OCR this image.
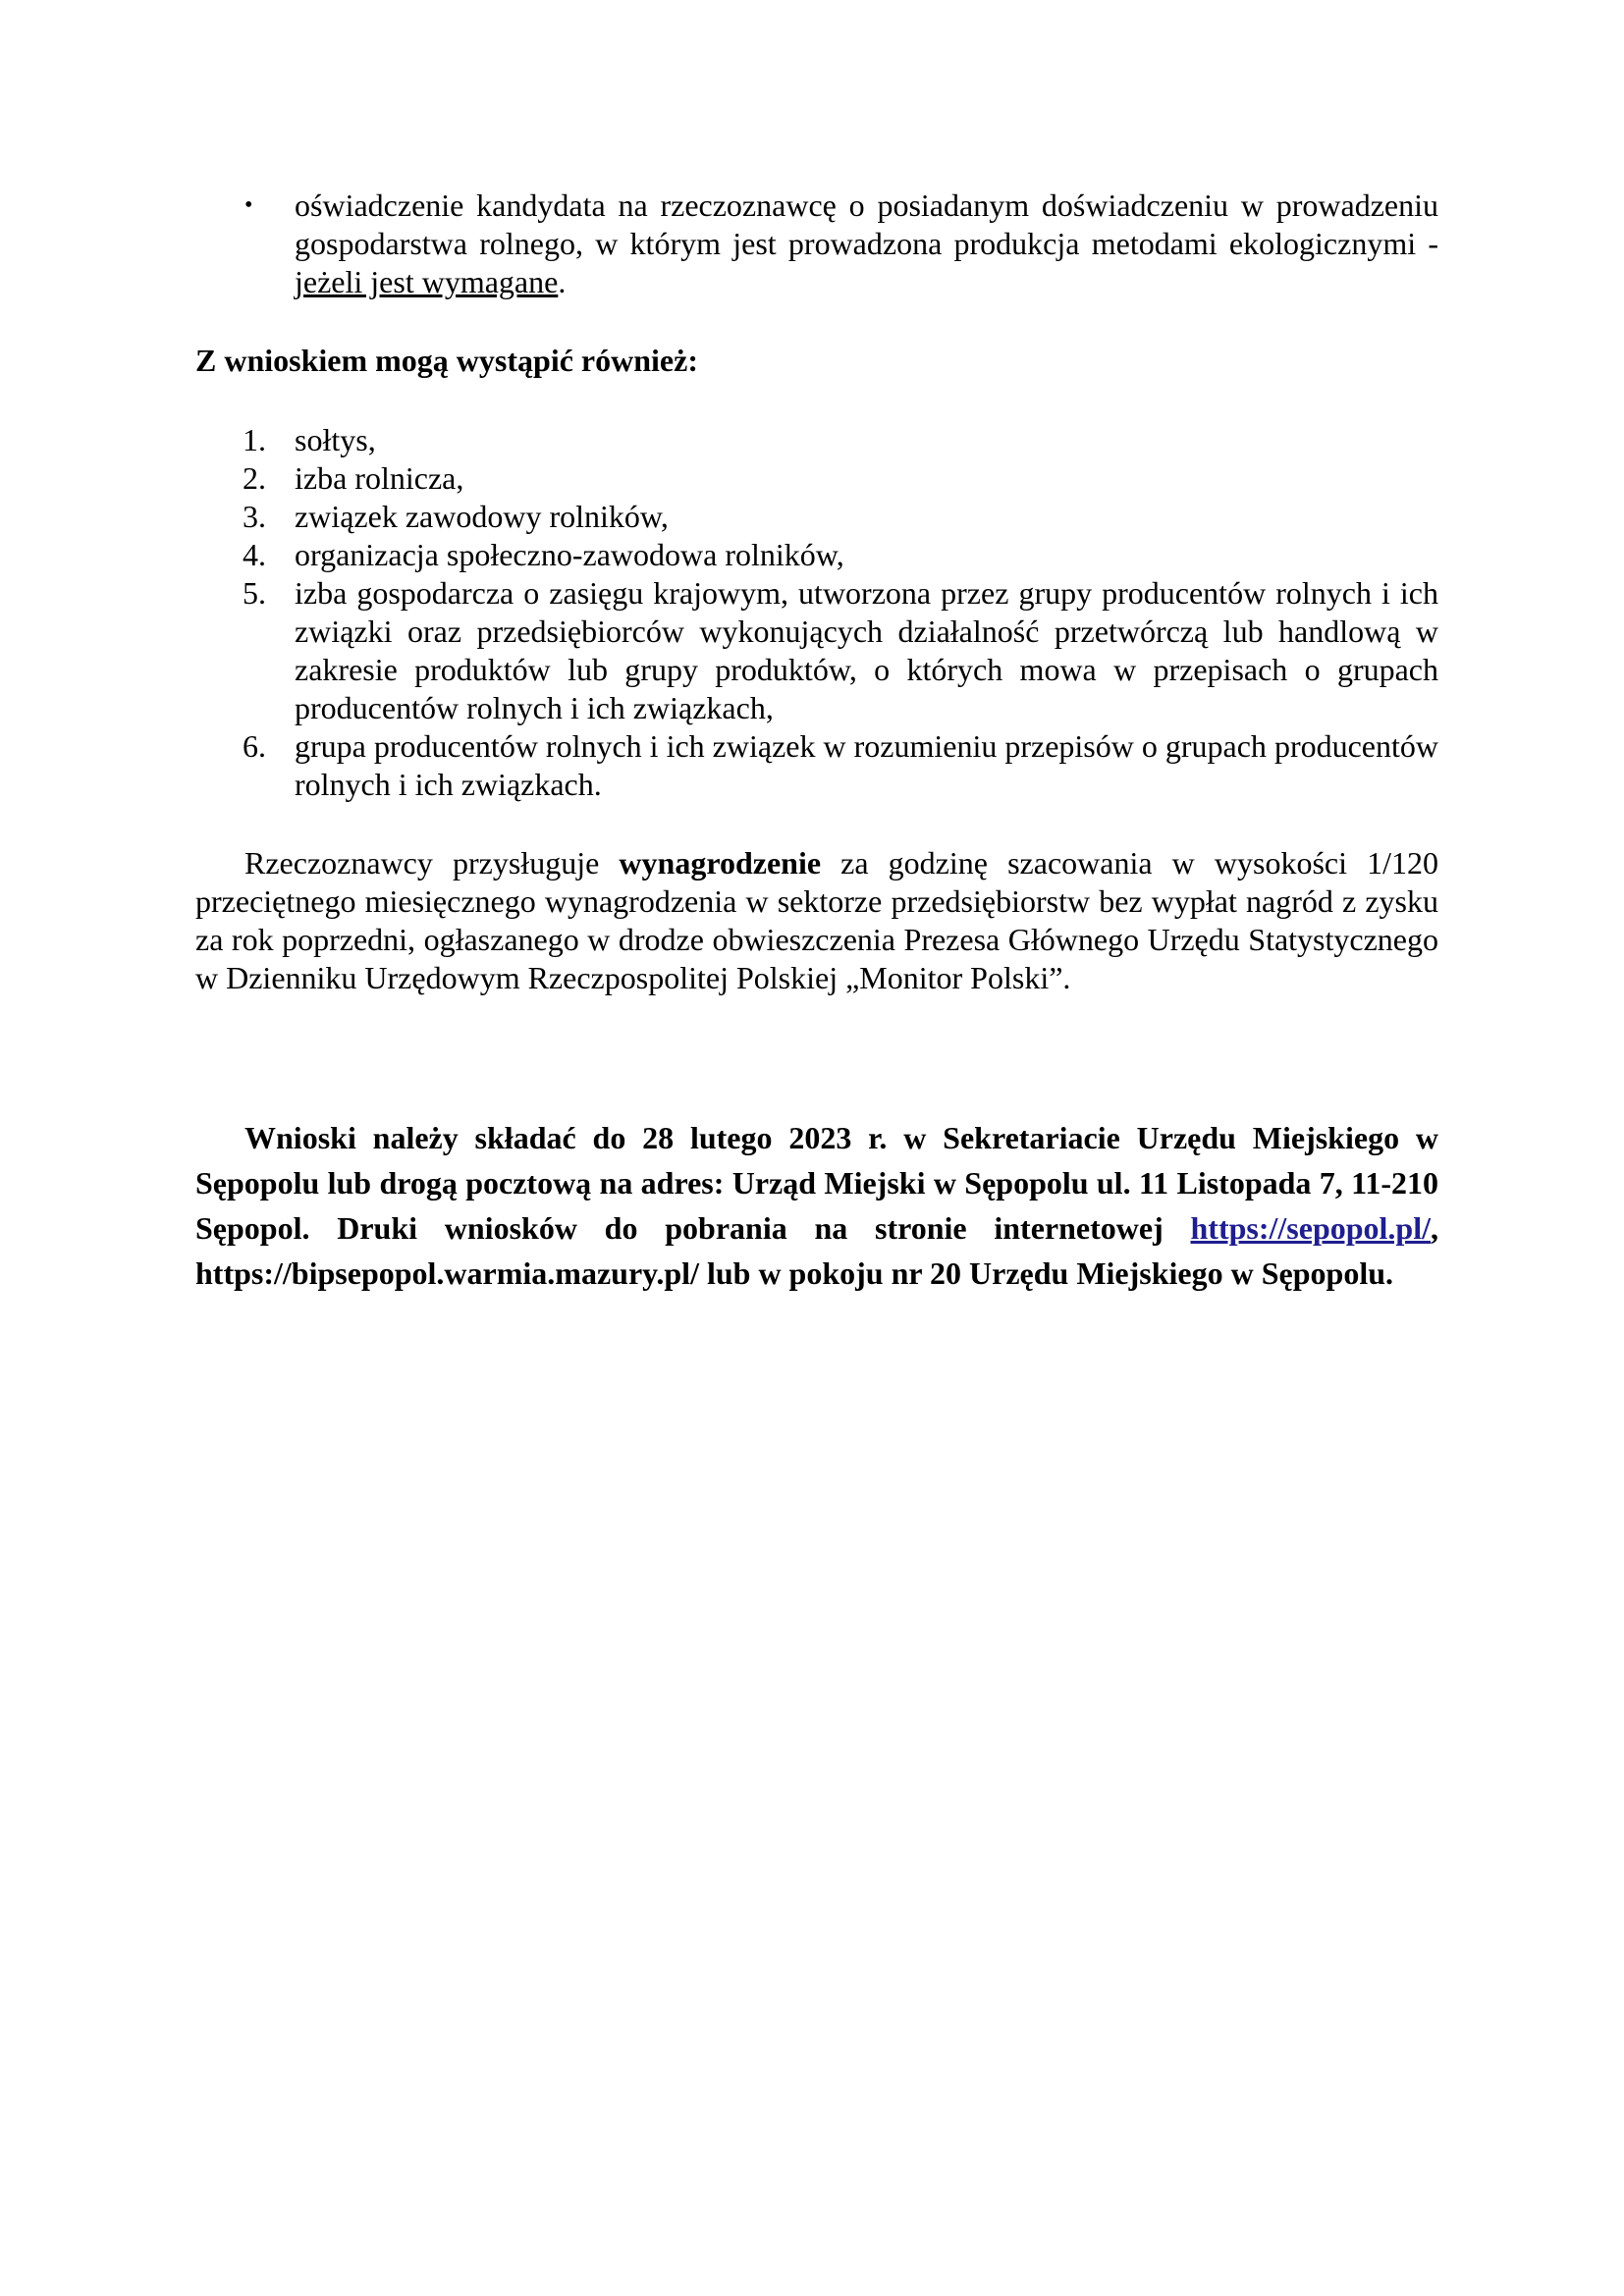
• oświadczenie kandydata na rzeczoznawcę o posiadanym doświadczeniu w prowadzeniu gospodarstwa rolnego, w którym jest prowadzona produkcja metodami ekologicznymi - jeżeli jest wymagane.
Z wnioskiem mogą wystąpić również:
1. sołtys,
2. izba rolnicza,
3. związek zawodowy rolników,
4. organizacja społeczno-zawodowa rolników,
5. izba gospodarcza o zasięgu krajowym, utworzona przez grupy producentów rolnych i ich związki oraz przedsiębiorców wykonujących działalność przetwórczą lub handlową w zakresie produktów lub grupy produktów, o których mowa w przepisach o grupach producentów rolnych i ich związkach,
6. grupa producentów rolnych i ich związek w rozumieniu przepisów o grupach producentów rolnych i ich związkach.
Rzeczoznawcy przysługuje wynagrodzenie za godzinę szacowania w wysokości 1/120 przeciętnego miesięcznego wynagrodzenia w sektorze przedsiębiorstw bez wypłat nagród z zysku za rok poprzedni, ogłaszanego w drodze obwieszczenia Prezesa Głównego Urzędu Statystycznego w Dzienniku Urzędowym Rzeczpospolitej Polskiej „Monitor Polski”.
Wnioski należy składać do 28 lutego 2023 r. w Sekretariacie Urzędu Miejskiego w Sępopolu lub drogą pocztową na adres: Urząd Miejski w Sępopolu ul. 11 Listopada 7, 11-210 Sępopol. Druki wniosków do pobrania na stronie internetowej https://sepopol.pl/, https://bipsepopol.warmia.mazury.pl/ lub w pokoju nr 20 Urzędu Miejskiego w Sępopolu.
